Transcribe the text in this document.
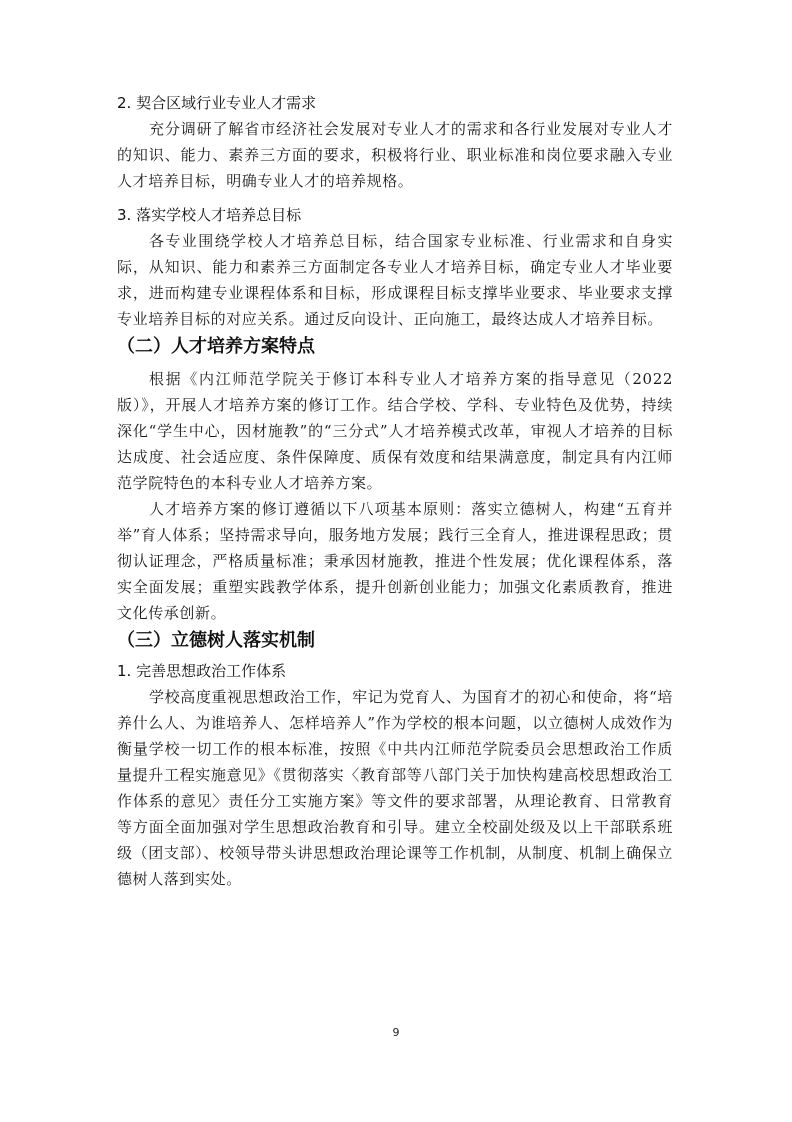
2. 契合区域行业专业人才需求

充分调研了解省市经济社会发展对专业人才的需求和各行业发展对专业人才的知识、能力、素养三方面的要求，积极将行业、职业标准和岗位要求融入专业人才培养目标，明确专业人才的培养规格。

3. 落实学校人才培养总目标

各专业围绕学校人才培养总目标，结合国家专业标准、行业需求和自身实际，从知识、能力和素养三方面制定各专业人才培养目标，确定专业人才毕业要求，进而构建专业课程体系和目标，形成课程目标支撑毕业要求、毕业要求支撑专业培养目标的对应关系。通过反向设计、正向施工，最终达成人才培养目标。

（二）人才培养方案特点

根据《内江师范学院关于修订本科专业人才培养方案的指导意见（2022版）》，开展人才培养方案的修订工作。结合学校、学科、专业特色及优势，持续深化“学生中心，因材施教”的“三分式”人才培养模式改革，审视人才培养的目标达成度、社会适应度、条件保障度、质保有效度和结果满意度，制定具有内江师范学院特色的本科专业人才培养方案。

人才培养方案的修订遵循以下八项基本原则：落实立德树人，构建“五育并举”育人体系；坚持需求导向，服务地方发展；践行三全育人，推进课程思政；贯彻认证理念，严格质量标准；秉承因材施教，推进个性发展；优化课程体系，落实全面发展；重塑实践教学体系，提升创新创业能力；加强文化素质教育，推进文化传承创新。

（三）立德树人落实机制
1. 完善思想政治工作体系

学校高度重视思想政治工作，牢记为党育人、为国育才的初心和使命，将“培养什么人、为谁培养人、怎样培养人”作为学校的根本问题，以立德树人成效作为衡量学校一切工作的根本标准，按照《中共内江师范学院委员会思想政治工作质量提升工程实施意见》《贯彻落实〈教育部等八部门关于加快构建高校思想政治工作体系的意见〉责任分工实施方案》等文件的要求部署，从理论教育、日常教育等方面全面加强对学生思想政治教育和引导。建立全校副处级及以上干部联系班级（团支部）、校领导带头讲思想政治理论课等工作机制，从制度、机制上确保立德树人落到实处。

9
